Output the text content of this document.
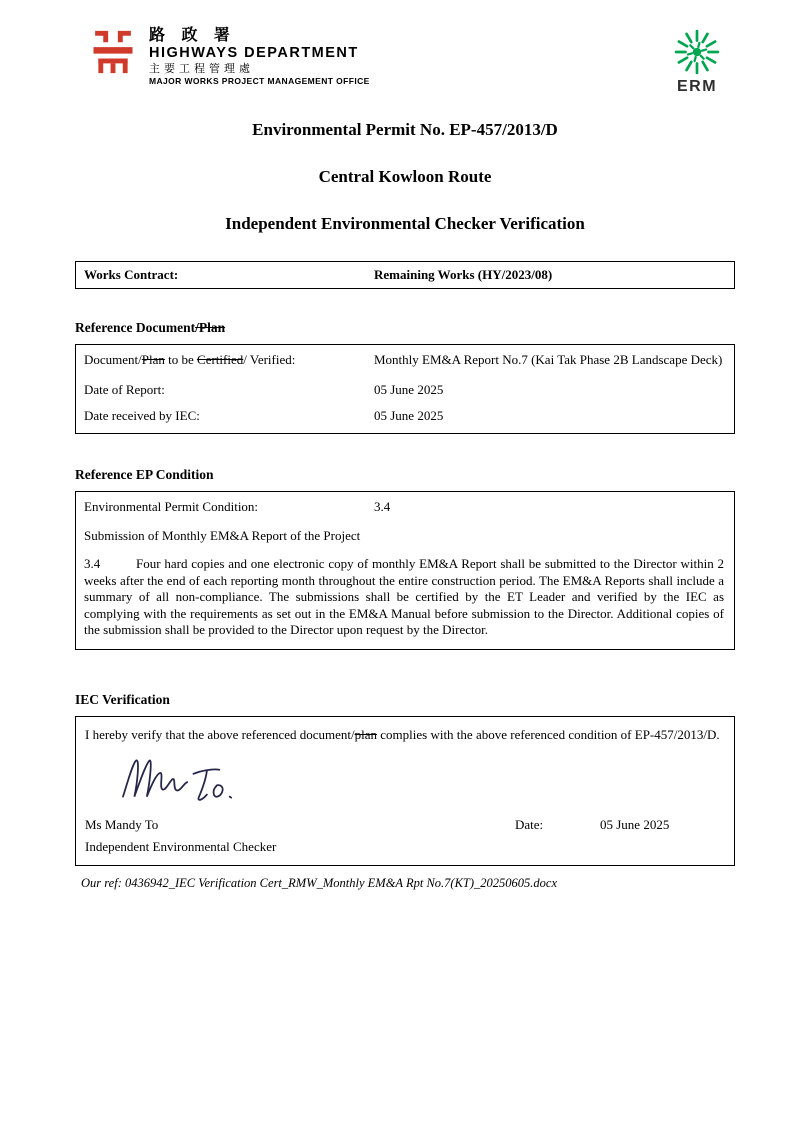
路 政 署
HIGHWAYS DEPARTMENT
主要工程管理處
MAJOR WORKS PROJECT MANAGEMENT OFFICE	ERM
Environmental Permit No. EP-457/2013/D
Central Kowloon Route
Independent Environmental Checker Verification
Works Contract:	Remaining Works (HY/2023/08)
Reference Document/Plan
Document/Plan to be Certified/ Verified:	Monthly EM&A Report No.7 (Kai Tak Phase 2B Landscape Deck)
Date of Report:	05 June 2025
Date received by IEC:	05 June 2025
Reference EP Condition
Environmental Permit Condition:	3.4

Submission of Monthly EM&A Report of the Project

3.4	Four hard copies and one electronic copy of monthly EM&A Report shall be submitted to the Director within 2 weeks after the end of each reporting month throughout the entire construction period. The EM&A Reports shall include a summary of all non-compliance. The submissions shall be certified by the ET Leader and verified by the IEC as complying with the requirements as set out in the EM&A Manual before submission to the Director. Additional copies of the submission shall be provided to the Director upon request by the Director.

IEC Verification

I hereby verify that the above referenced document/plan complies with the above referenced condition of EP-457/2013/D.

Ms Mandy To	Date:	05 June 2025
Independent Environmental Checker

Our ref: 0436942_IEC Verification Cert_RMW_Monthly EM&A Rpt No.7(KT)_20250605.docx
